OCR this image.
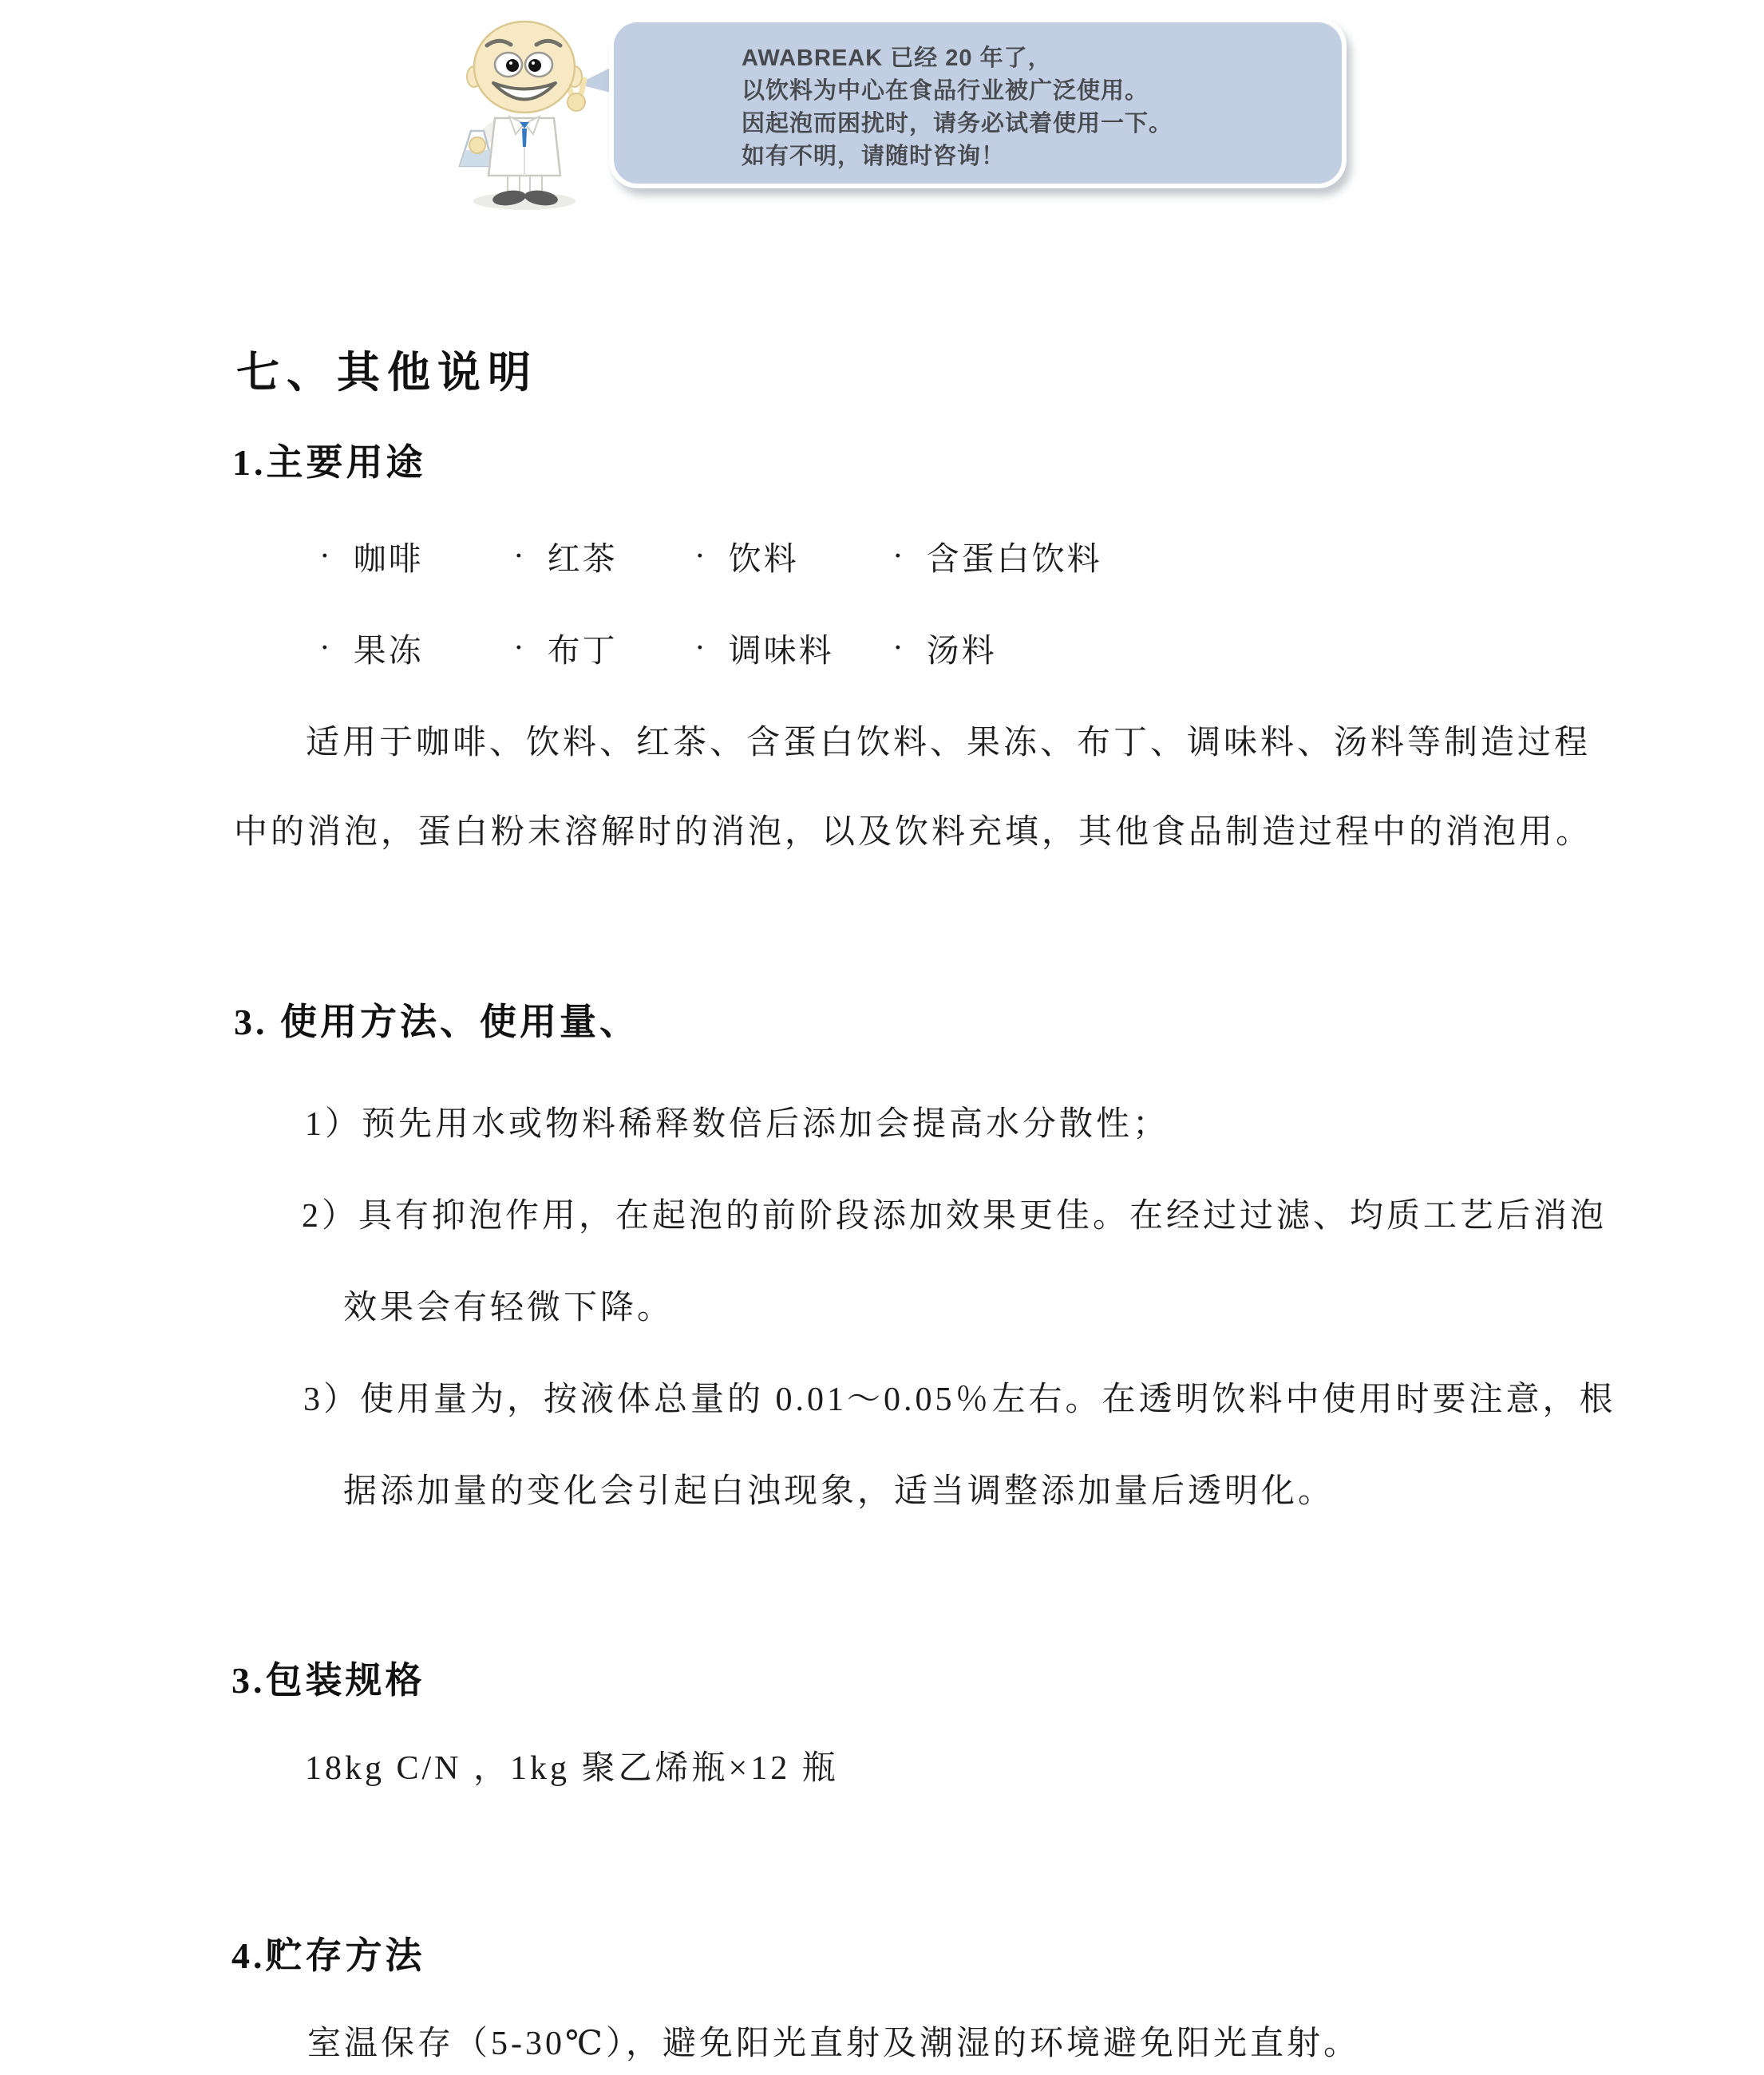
AWABREAK 已经 20 年了，
以饮料为中心在食品行业被广泛使用。
因起泡而困扰时，请务必试着使用一下。
如有不明，请随时咨询！
七、其他说明
1.主要用途
· 咖啡	· 红茶 · 饮料	· 含蛋白饮料
· 果冻	· 布丁 · 调味料 · 汤料
适用于咖啡、饮料、红茶、含蛋白饮料、果冻、布丁、调味料、汤料等制造过程
中的消泡，蛋白粉末溶解时的消泡，以及饮料充填，其他食品制造过程中的消泡用。
3. 使用方法、使用量、
1）预先用水或物料稀释数倍后添加会提高水分散性；
2）具有抑泡作用，在起泡的前阶段添加效果更佳。在经过过滤、均质工艺后消泡
效果会有轻微下降。
3）使用量为，按液体总量的 0.01～0.05％左右。在透明饮料中使用时要注意，根
据添加量的变化会引起白浊现象，适当调整添加量后透明化。
3.包装规格
18kg C/N ，1kg 聚乙烯瓶×12 瓶
4.贮存方法
室温保存（5-30℃），避免阳光直射及潮湿的环境避免阳光直射。
